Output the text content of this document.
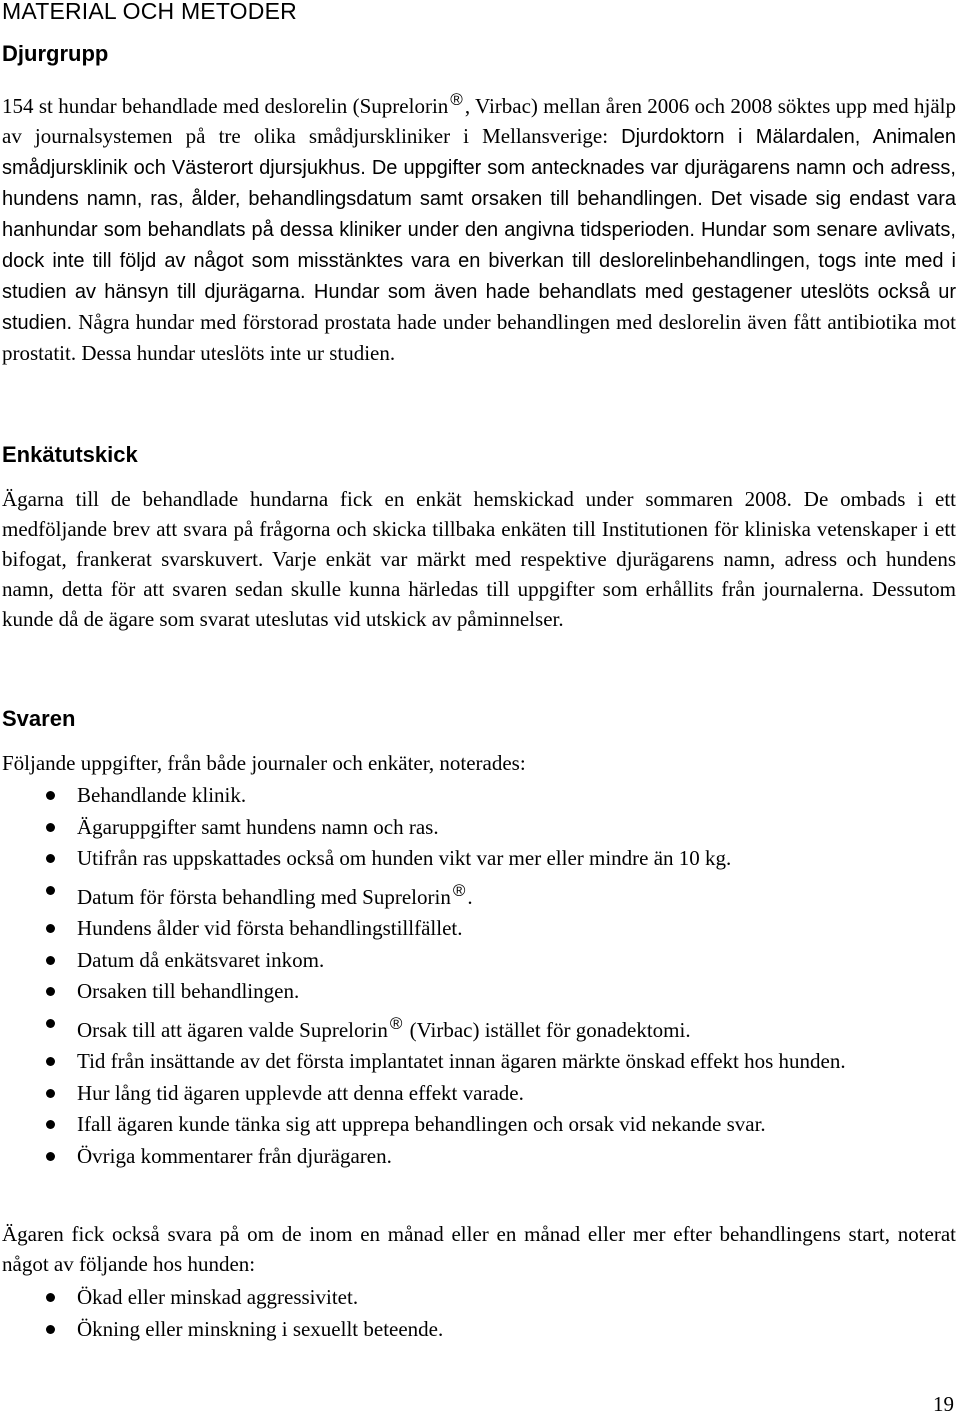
MATERIAL OCH METODER
Djurgrupp

154 st hundar behandlade med deslorelin (Suprelorin ®, Virbac) mellan åren 2006 och 2008 söktes upp med hjälp av journalsystemen på tre olika smådjurskliniker i Mellansverige: Djurdoktorn i Mälardalen, Animalen smådjursklinik och Västerort djursjukhus. De uppgifter som antecknades var djurägarens namn och adress, hundens namn, ras, ålder, behandlingsdatum samt orsaken till behandlingen. Det visade sig endast vara hanhundar som behandlats på dessa kliniker under den angivna tidsperioden. Hundar som senare avlivats, dock inte till följd av något som misstänktes vara en biverkan till deslorelinbehandlingen, togs inte med i studien av hänsyn till djurägarna. Hundar som även hade behandlats med gestagener uteslöts också ur studien. Några hundar med förstorad prostata hade under behandlingen med deslorelin även fått antibiotika mot prostatit. Dessa hundar uteslöts inte ur studien.

Enkätutskick

Ägarna till de behandlade hundarna fick en enkät hemskickad under sommaren 2008. De ombads i ett medföljande brev att svara på frågorna och skicka tillbaka enkäten till Institutionen för kliniska vetenskaper i ett bifogat, frankerat svarskuvert. Varje enkät var märkt med respektive djurägarens namn, adress och hundens namn, detta för att svaren sedan skulle kunna härledas till uppgifter som erhållits från journalerna. Dessutom kunde då de ägare som svarat uteslutas vid utskick av påminnelser.

Svaren

Följande uppgifter, från både journaler och enkäter, noterades:

Behandlande klinik.
Ägaruppgifter samt hundens namn och ras.
Utifrån ras uppskattades också om hunden vikt var mer eller mindre än 10 kg.
Datum för första behandling med Suprelorin ®.
Hundens ålder vid första behandlingstillfället.
Datum då enkätsvaret inkom.
Orsaken till behandlingen.
Orsak till att ägaren valde Suprelorin ® (Virbac) istället för gonadektomi.
Tid från insättande av det första implantatet innan ägaren märkte önskad effekt hos hunden.
Hur lång tid ägaren upplevde att denna effekt varade.
Ifall ägaren kunde tänka sig att upprepa behandlingen och orsak vid nekande svar.
Övriga kommentarer från djurägaren.

Ägaren fick också svara på om de inom en månad eller en månad eller mer efter behandlingens start, noterat något av följande hos hunden:

Ökad eller minskad aggressivitet.
Ökning eller minskning i sexuellt beteende.
19
